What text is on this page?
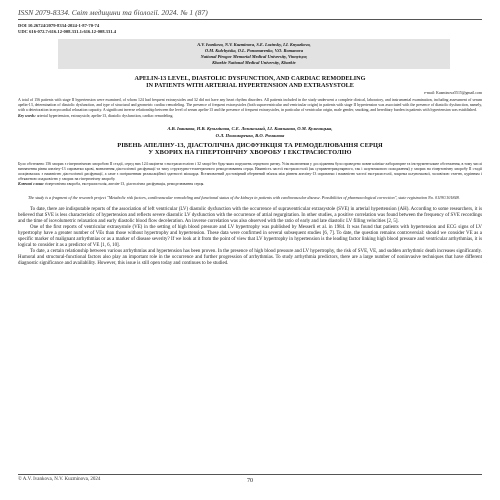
ISSN 2079-8334. Світ медицини та біології. 2024. № 1 (87)
DOI 10.26724/2079-8334-2024-1-87-70-74
UDC 616-072.7:616.12-008.331.1:616.12-008.331.4
A.V. Ivankova, N.V. Kuzminova, S.E. Lozinsky, I.I. Knyazkova,
O.M. Kulchytska, O.L. Ponomarenko, V.O. Romanova
National Pirogov Memorial Medical University, Vinnytsya;
Kharkiv National Medical University, Kharkiv
APELIN-13 LEVEL, DIASTOLIC DYSFUNCTION, AND CARDIAC REMODELING
IN PATIENTS WITH ARTERIAL HYPERTENSION AND EXTRASYSTOLE
e-mail: Kuzminova5515@gmail.com
A total of 156 patients with stage II hypertension were examined, of whom 124 had frequent extrasystoles and 32 did not have any heart rhythm disorders. All patients included in the study underwent a complete clinical, laboratory, and instrumental examination, including assessment of serum apelin-13, determination of diastolic dysfunction, and type of structural and geometric cardiac remodeling. The presence of frequent extrasystoles (both supraventricular and ventricular origin) in patients with stage II hypertension was associated with the presence of diastolic dysfunction, namely, with a deterioration in myocardial relaxation capacity. A significant inverse relationship between the level of serum apelin-13 and the presence of frequent extrasystoles, in particular of ventricular origin, male gender, smoking, and hereditary burden in patients with hypertension was established.
Key words: arterial hypertension, extrasystole, apelin-13, diastolic dysfunction, cardiac remodeling.
А.В. Іванкова, Н.В. Кузьмінова, С.Е. Лозинський, І.І. Князькова, О.М. Кульчицька,
О.Л. Пономаренко, В.О. Романова
РІВЕНЬ АПЕЛІНУ-13, ДІАСТОЛІЧНА ДИСФУНКЦІЯ ТА РЕМОДЕЛЮВАННЯ СЕРЦЯ
У ХВОРИХ НА ГІПЕРТОНІЧНУ ХВОРОБУ І ЕКСТРАСИСТОЛІЮ
Було обстежено 156 хворих з гіпертонічною хворобою ІІ стадії, серед них 124 пацієнти з екстрасистолією і 32 хворі без будь-яких порушень серцевого ритму. Усім включеним у дослідження було проведено повне клініко-лабораторне та інструментальне обстеження, в тому числі визначення рівня апеліну-13 сироватки крові, визначення діастолічної дисфункції та типу структурно-геометричного ремоделювання серця. Наявність частої екстрасистолії (як суправентрикулярного, так і шлуночкового походження) у хворих на гіпертонічну хворобу ІІ стадії асоціювалась з наявністю діастолічної дисфункції, а саме з погіршенням релаксаційної здатності міокарда. Встановлений достовірний обернений зв'язок між рівнем апеліну-13 сироватки і наявністю частої екстрасистолії, зокрема шлуночкової, чоловічою статтю, курінням і обтяженою спадковістю у хворих на гіпертонічну хворобу.
Ключові слова: гіпертонічна хвороба, екстрасистолія, апелін-13, діастолічна дисфункція, ремоделювання серця.
The study is a fragment of the research project "Metabolic risk factors, cardiovascular remodeling and functional status of the kidneys in patients with cardiovascular disease. Possibilities of pharmacological correction", state registration No. 0119U101848.

To date, there are indisputable reports of the association of left ventricular (LV) diastolic dysfunction with the occurrence of supraventricular extrasystole (SVE) in arterial hypertension (AH). According to some researchers, it is believed that SVE is less characteristic of hypertension and reflects severe diastolic LV dysfunction with the occurrence of atrial regurgitation. In other studies, a positive correlation was found between the frequency of SVE recordings and the time of isovolumetric relaxation and early diastolic blood flow deceleration. An inverse correlation was also observed with the ratio of early and late diastolic LV filling velocities [2, 5].

One of the first reports of ventricular extrasystole (VE) in the setting of high blood pressure and LV hypertrophy was published by Messerli et al. in 1984. It was found that patients with hypertension and ECG signs of LV hypertrophy have a greater number of VEs than those without hypertrophy and hypertension. These data were confirmed in several subsequent studies [6, 7]. To date, the question remains controversial: should we consider VE as a specific marker of malignant arrhythmias or as a marker of disease severity? If we look at it from the point of view that LV hypertrophy in hypertension is the leading factor linking high blood pressure and ventricular arrhythmias, it is logical to consider it as a predictor of VE [1, 6, 10].

To date, a certain relationship between various arrhythmias and hypertension has been proven. In the presence of high blood pressure and LV hypertrophy, the risk of SVE, VE, and sudden arrhythmic death increases significantly. Humoral and structural-functional factors also play an important role in the occurrence and further progression of arrhythmias. To study arrhythmia predictors, there are a large number of noninvasive techniques that have different diagnostic significance and availability. However, this issue is still open today and continues to be studied.

© A.V. Ivankova, N.V. Kuzminova, 2024	70
